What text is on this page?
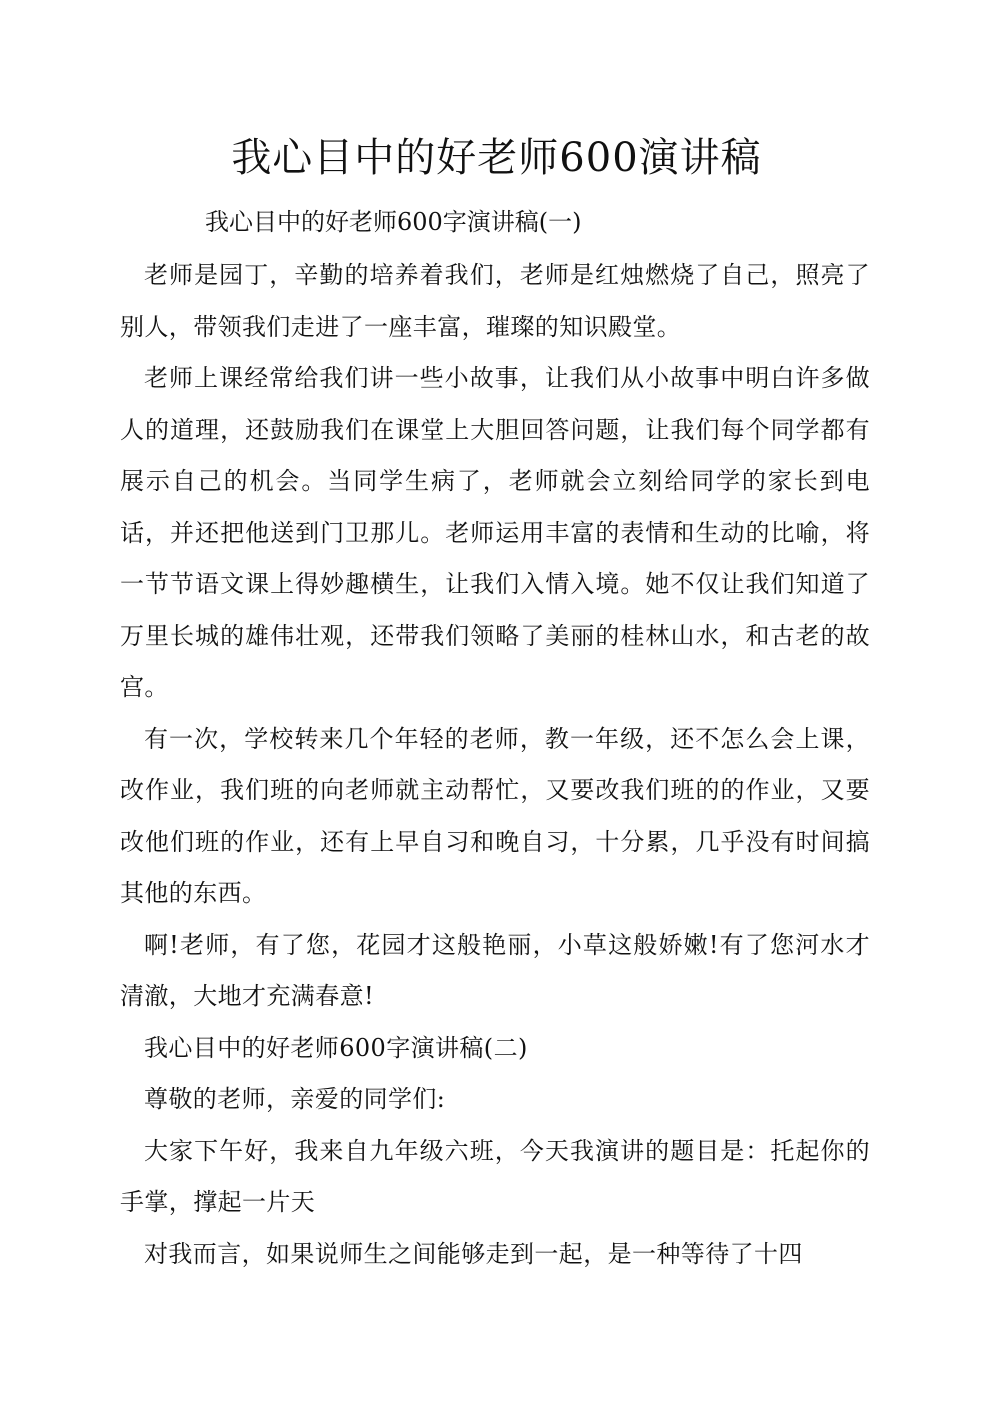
我心目中的好老师600演讲稿

我心目中的好老师600字演讲稿(一)

老师是园丁，辛勤的培养着我们，老师是红烛燃烧了自己，照亮了别人，带领我们走进了一座丰富，璀璨的知识殿堂。

老师上课经常给我们讲一些小故事，让我们从小故事中明白许多做人的道理，还鼓励我们在课堂上大胆回答问题，让我们每个同学都有展示自己的机会。当同学生病了，老师就会立刻给同学的家长到电话，并还把他送到门卫那儿。老师运用丰富的表情和生动的比喻，将一节节语文课上得妙趣横生，让我们入情入境。她不仅让我们知道了万里长城的雄伟壮观，还带我们领略了美丽的桂林山水，和古老的故宫。

有一次，学校转来几个年轻的老师，教一年级，还不怎么会上课，改作业，我们班的向老师就主动帮忙，又要改我们班的的作业，又要改他们班的作业，还有上早自习和晚自习，十分累，几乎没有时间搞其他的东西。

啊!老师，有了您，花园才这般艳丽，小草这般娇嫩!有了您河水才清澈，大地才充满春意!

我心目中的好老师600字演讲稿(二)

尊敬的老师，亲爱的同学们:

大家下午好，我来自九年级六班，今天我演讲的题目是：托起你的手掌，撑起一片天

对我而言，如果说师生之间能够走到一起，是一种等待了十四
